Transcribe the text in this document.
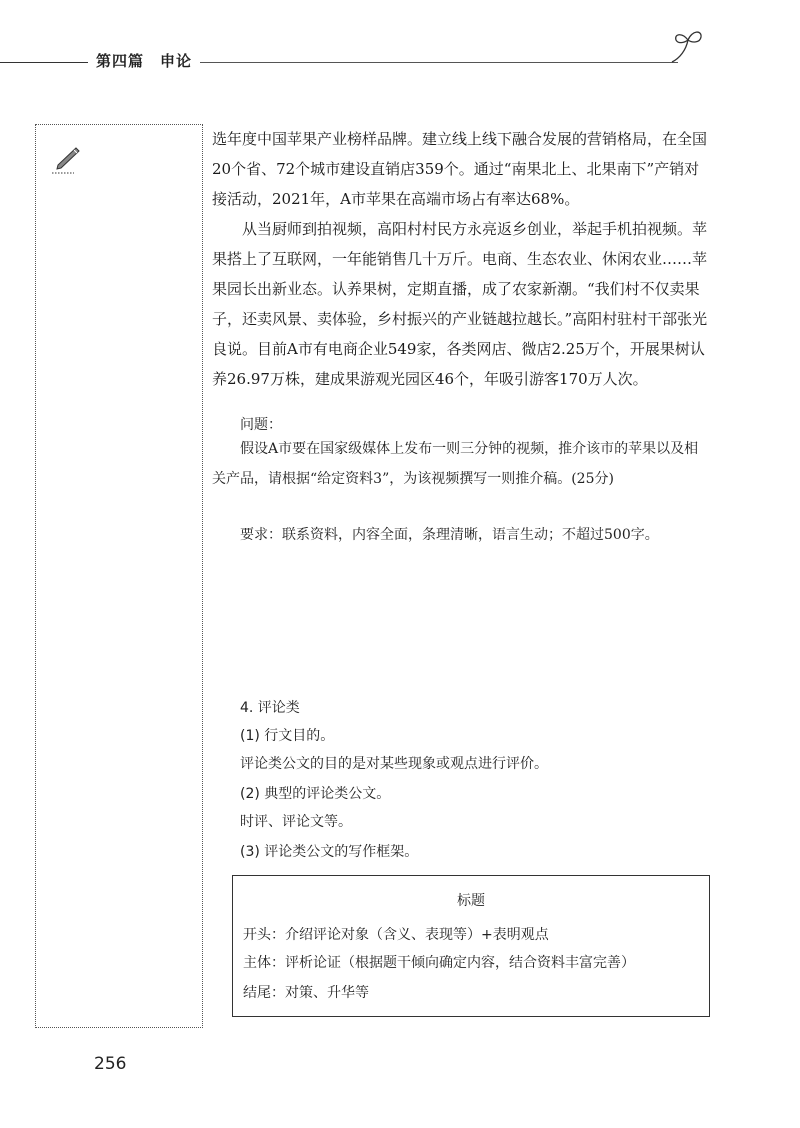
第四篇　申论

选年度中国苹果产业榜样品牌。建立线上线下融合发展的营销格局，在全国20个省、72个城市建设直销店359个。通过“南果北上、北果南下”产销对接活动，2021年，A市苹果在高端市场占有率达68%。

从当厨师到拍视频，高阳村村民方永亮返乡创业，举起手机拍视频。苹果搭上了互联网，一年能销售几十万斤。电商、生态农业、休闲农业……苹果园长出新业态。认养果树，定期直播，成了农家新潮。“我们村不仅卖果子，还卖风景、卖体验，乡村振兴的产业链越拉越长。”高阳村驻村干部张光良说。目前A市有电商企业549家，各类网店、微店2.25万个，开展果树认养26.97万株，建成果游观光园区46个，年吸引游客170万人次。

问题：

假设A市要在国家级媒体上发布一则三分钟的视频，推介该市的苹果以及相关产品，请根据“给定资料3”，为该视频撰写一则推介稿。(25分)

要求：联系资料，内容全面，条理清晰，语言生动；不超过500字。

4. 评论类

(1) 行文目的。

评论类公文的目的是对某些现象或观点进行评价。

(2) 典型的评论类公文。

时评、评论文等。

(3) 评论类公文的写作框架。

标题
开头：介绍评论对象（含义、表现等）+表明观点
主体：评析论证（根据题干倾向确定内容，结合资料丰富完善）
结尾：对策、升华等
256
